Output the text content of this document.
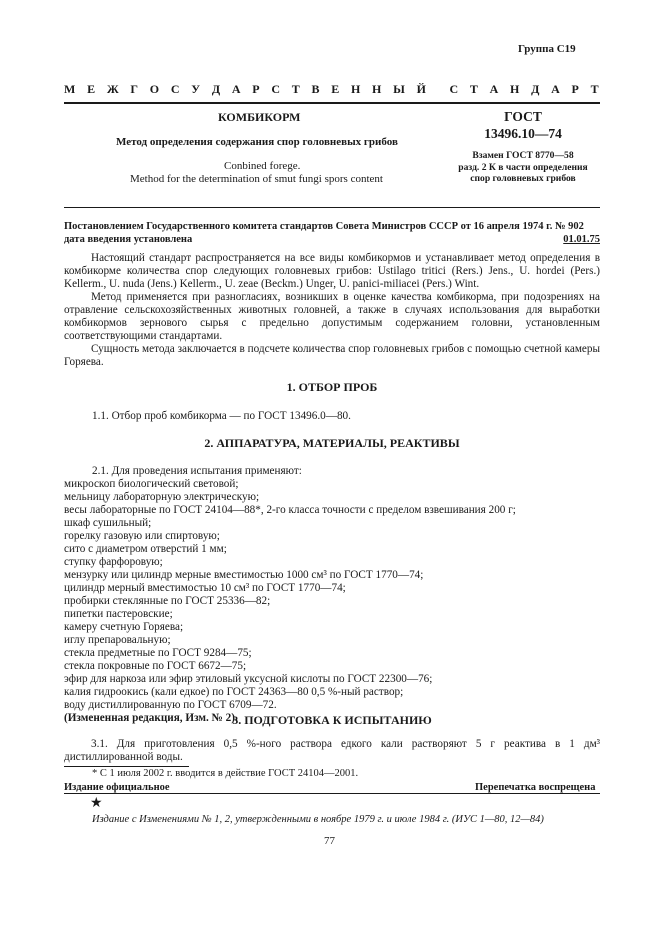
Группа С19
М Е Ж Г О С У Д А Р С Т В Е Н Н Ы Й С Т А Н Д А Р Т
КОМБИКОРМ
Метод определения содержания спор головневых грибов
Conbined forege.
Method for the determination of smut fungi spors content
ГОСТ
13496.10—74
Взамен ГОСТ 8770—58
разд. 2 К в части определения
спор головневых грибов
Постановлением Государственного комитета стандартов Совета Министров СССР от 16 апреля 1974 г. № 902 дата введения установлена	01.01.75

Настоящий стандарт распространяется на все виды комбикормов и устанавливает метод определения в комбикорме количества спор следующих головневых грибов: Ustilago tritici (Rers.) Jens., U. hordei (Pers.) Kellerm., U. nuda (Jens.) Kellerm., U. zeae (Beckm.) Unger, U. panici-miliacei (Pers.) Wint.

Метод применяется при разногласиях, возникших в оценке качества комбикорма, при подозрениях на отравление сельскохозяйственных животных головней, а также в случаях использования для выработки комбикормов зернового сырья с предельно допустимым содержанием головни, установленным соответствующими стандартами.

Сущность метода заключается в подсчете количества спор головневых грибов с помощью счетной камеры Горяева.

1. ОТБОР ПРОБ
1.1. Отбор проб комбикорма — по ГОСТ 13496.0—80.
2. АППАРАТУРА, МАТЕРИАЛЫ, РЕАКТИВЫ
2.1. Для проведения испытания применяют:
микроскоп биологический световой;
мельницу лабораторную электрическую;
весы лабораторные по ГОСТ 24104—88*, 2-го класса точности с пределом взвешивания 200 г;
шкаф сушильный;
горелку газовую или спиртовую;
сито с диаметром отверстий 1 мм;
ступку фарфоровую;
мензурку или цилиндр мерные вместимостью 1000 см³ по ГОСТ 1770—74;
цилиндр мерный вместимостью 10 см³ по ГОСТ 1770—74;
пробирки стеклянные по ГОСТ 25336—82;
пипетки пастеровские;
камеру счетную Горяева;
иглу препаровальную;
стекла предметные по ГОСТ 9284—75;
стекла покровные по ГОСТ 6672—75;
эфир для наркоза или эфир этиловый уксусной кислоты по ГОСТ 22300—76;
калия гидроокись (кали едкое) по ГОСТ 24363—80 0,5 %-ный раствор;
воду дистиллированную по ГОСТ 6709—72.
(Измененная редакция, Изм. № 2).
3. ПОДГОТОВКА К ИСПЫТАНИЮ

3.1. Для приготовления 0,5 %-ного раствора едкого кали растворяют 5 г реактива в 1 дм³ дистиллированной воды.

* С 1 июля 2002 г. вводится в действие ГОСТ 24104—2001.
Издание официальное	Перепечатка воспрещена
★
Издание с Изменениями № 1, 2, утвержденными в ноябре 1979 г. и июле 1984 г. (ИУС 1—80, 12—84)
77
